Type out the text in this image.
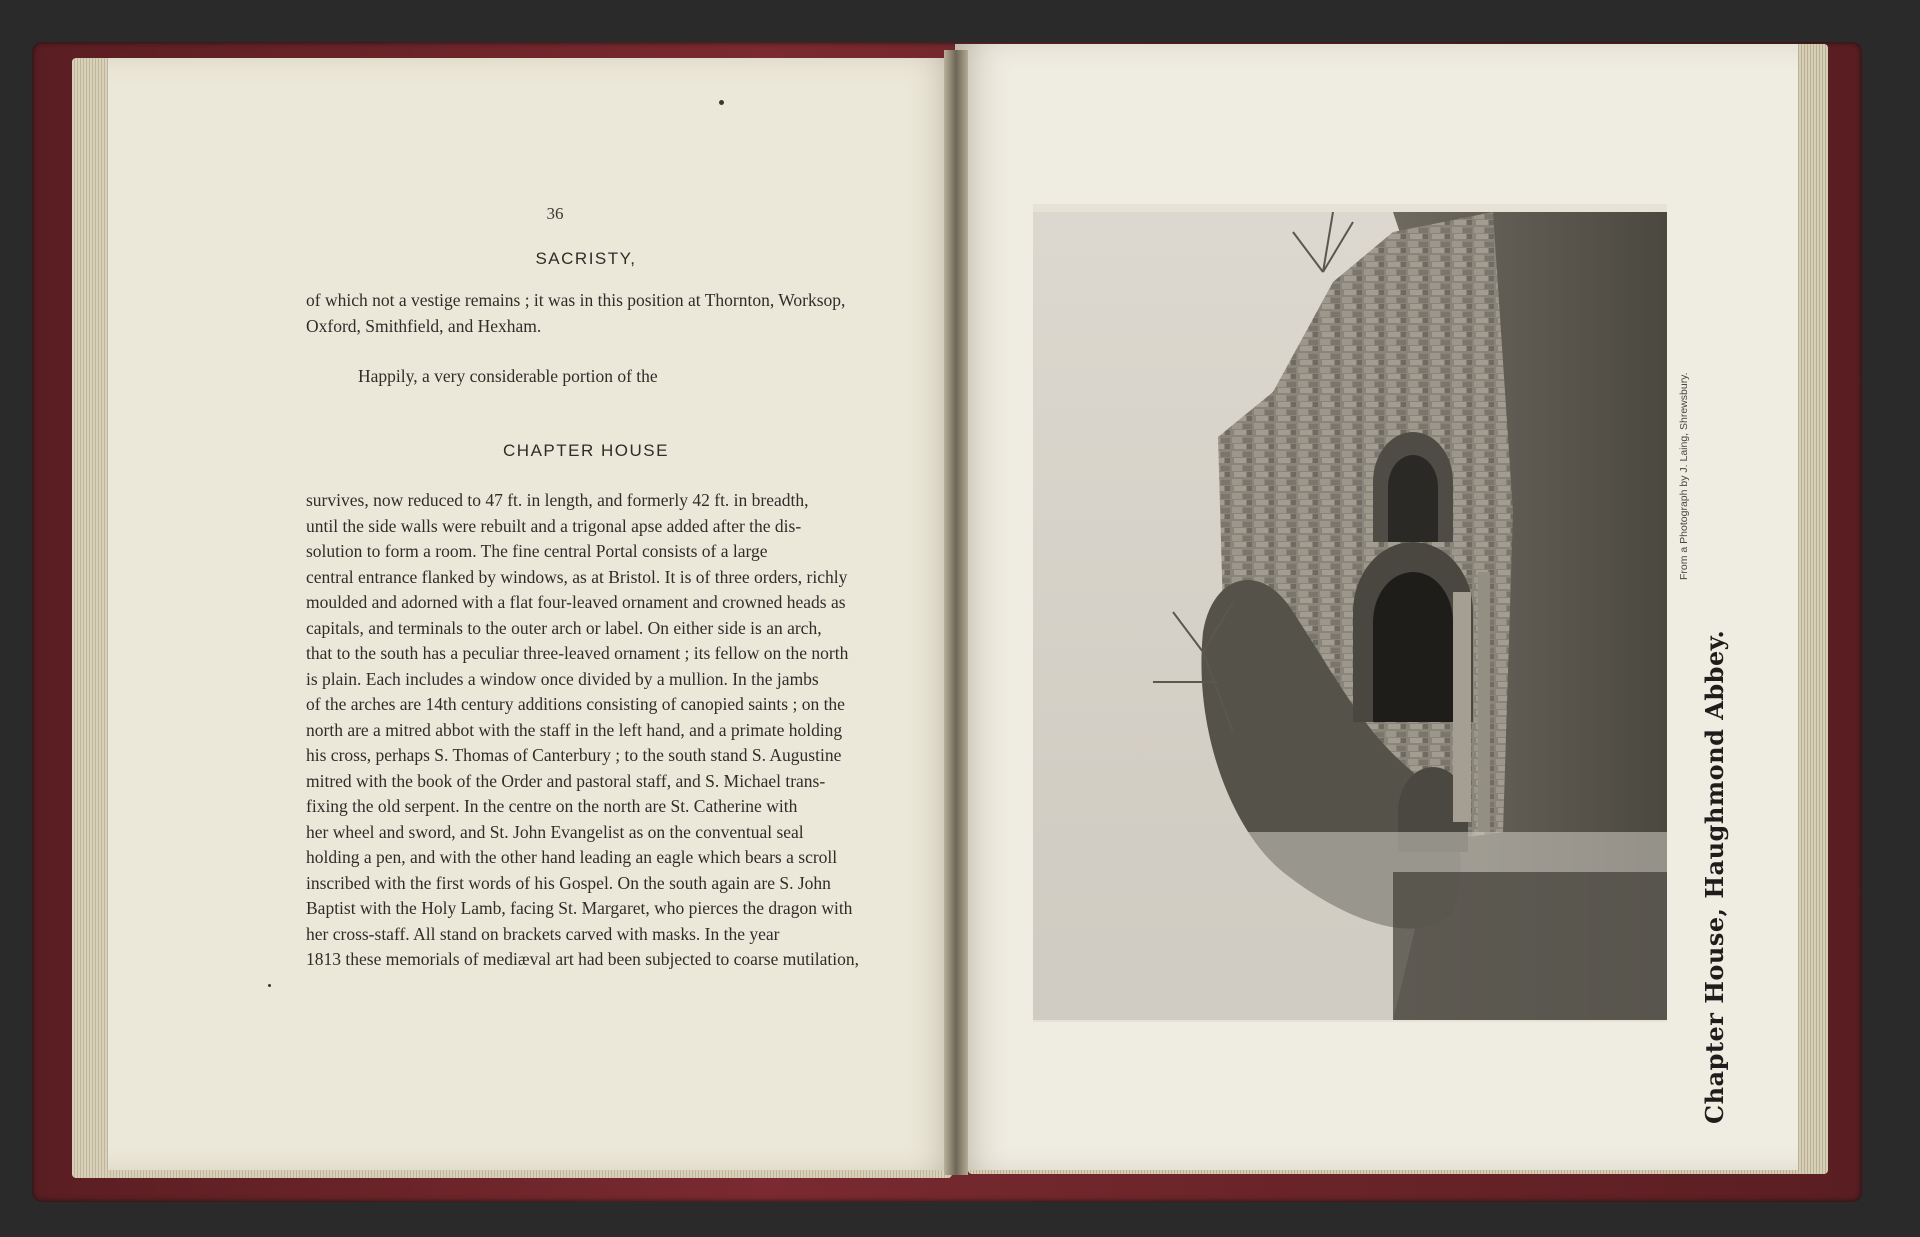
36
SACRISTY,
of which not a vestige remains ; it was in this position at Thornton, Worksop,
Oxford, Smithfield, and Hexham.
Happily, a very considerable portion of the
CHAPTER HOUSE
survives, now reduced to 47 ft. in length, and formerly 42 ft. in breadth,
until the side walls were rebuilt and a trigonal apse added after the dis-
solution to form a room. The fine central Portal consists of a large
central entrance flanked by windows, as at Bristol. It is of three orders, richly
moulded and adorned with a flat four-leaved ornament and crowned heads as
capitals, and terminals to the outer arch or label. On either side is an arch,
that to the south has a peculiar three-leaved ornament ; its fellow on the north
is plain. Each includes a window once divided by a mullion. In the jambs
of the arches are 14th century additions consisting of canopied saints ; on the
north are a mitred abbot with the staff in the left hand, and a primate holding
his cross, perhaps S. Thomas of Canterbury ; to the south stand S. Augustine
mitred with the book of the Order and pastoral staff, and S. Michael trans-
fixing the old serpent. In the centre on the north are St. Catherine with
her wheel and sword, and St. John Evangelist as on the conventual seal
holding a pen, and with the other hand leading an eagle which bears a scroll
inscribed with the first words of his Gospel. On the south again are S. John
Baptist with the Holy Lamb, facing St. Margaret, who pierces the dragon with
her cross-staff. All stand on brackets carved with masks. In the year
1813 these memorials of mediæval art had been subjected to coarse mutilation,
From a Photograph by J. Laing, Shrewsbury.
Chapter House, Haughmond Abbey.
